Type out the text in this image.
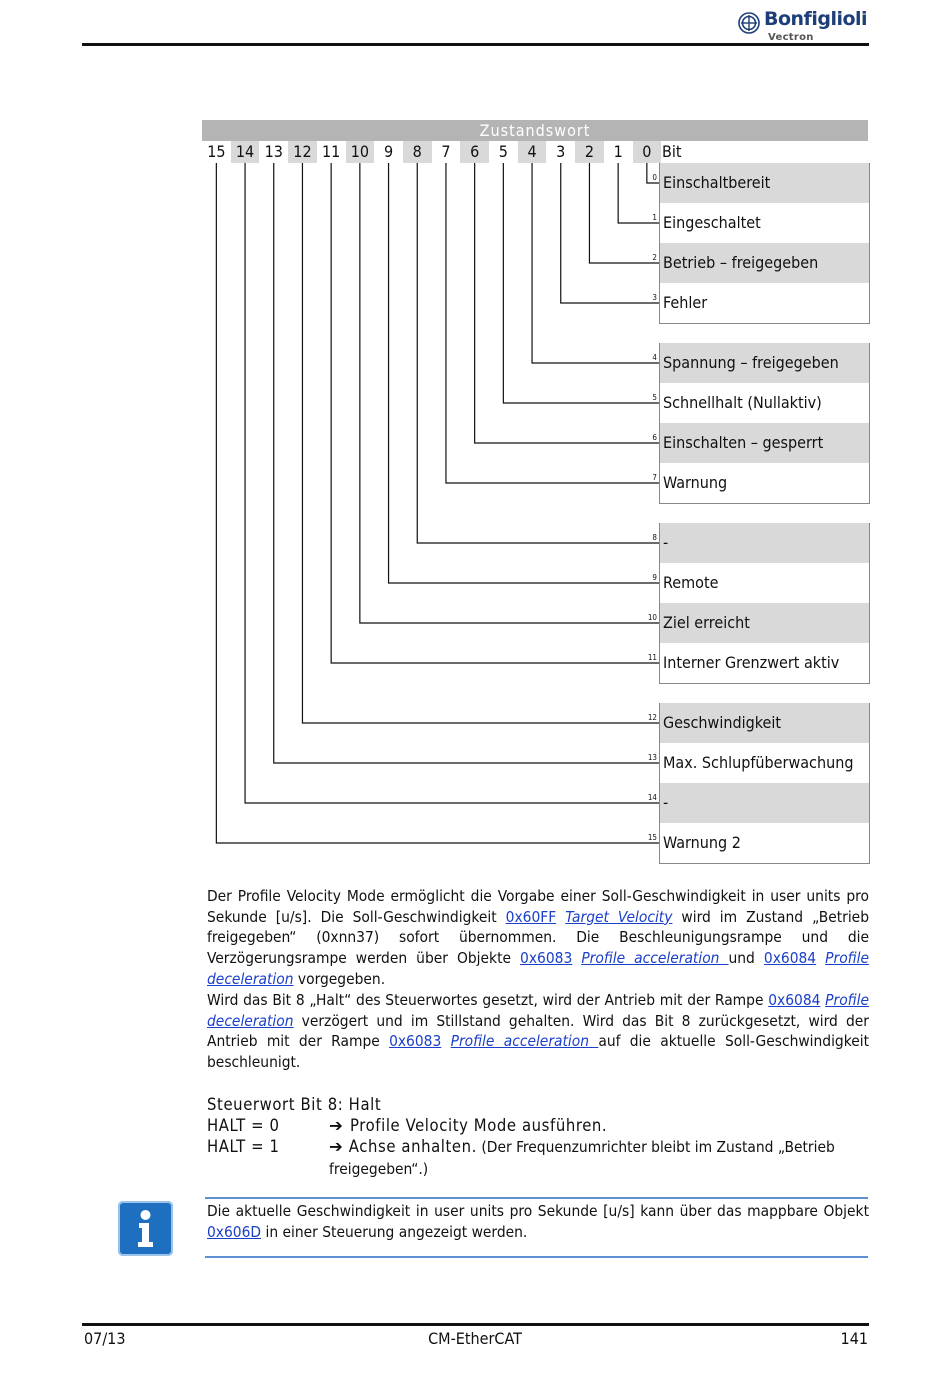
Bonfiglioli
Vectron
Zustandswort
15 14 13 12 11 10 9	8	7	6	5	4	3	2	1	0 Bit
0
1
2
3
Einschaltbereit
Eingeschaltet
Betrieb – freigegeben
Fehler
4
5
6
7
Spannung – freigegeben
Schnellhalt (Nullaktiv)
Einschalten – gesperrt
Warnung
8
9
10
11
-
Remote
Ziel erreicht
Interner Grenzwert aktiv
12
13
14
15
Geschwindigkeit
Max. Schlupfüberwachung
-
Warnung 2
Der Profile Velocity Mode ermöglicht die Vorgabe einer Soll-Geschwindigkeit in user units pro Sekunde [u/s]. Die Soll-Geschwindigkeit 0x60FF Target Velocity wird im Zustand „Betrieb freigegeben“ (0xnn37) sofort übernommen. Die Beschleunigungsrampe und die Verzögerungsrampe werden über Objekte 0x6083 Profile acceleration und 0x6084 Profile deceleration vorgegeben.
Wird das Bit 8 „Halt“ des Steuerwortes gesetzt, wird der Antrieb mit der Rampe 0x6084 Profile deceleration verzögert und im Stillstand gehalten. Wird das Bit 8 zurückgesetzt, wird der Antrieb mit der Rampe 0x6083 Profile acceleration auf die aktuelle Soll-Geschwindigkeit beschleunigt.
Steuerwort Bit 8: Halt
HALT = 0	➔ Profile Velocity Mode ausführen.
HALT = 1	➔ Achse anhalten. (Der Frequenzumrichter bleibt im Zustand „Betrieb freigegeben“.)
Die aktuelle Geschwindigkeit in user units pro Sekunde [u/s] kann über das mappbare Objekt 0x606D in einer Steuerung angezeigt werden.
07/13	CM-EtherCAT	141
